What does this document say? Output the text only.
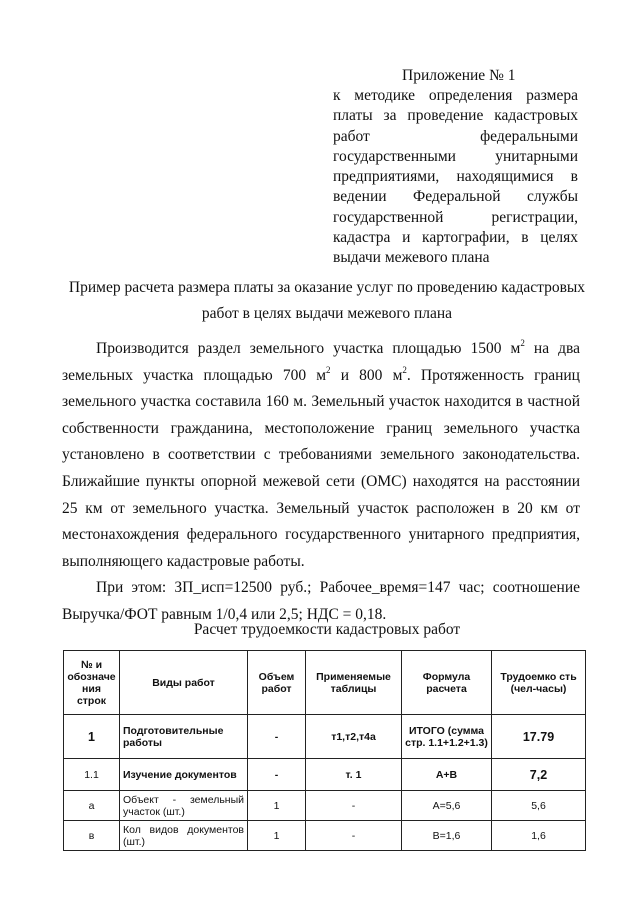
Приложение № 1
к методике определения размера
платы за проведение кадастровых
работ федеральными
государственными унитарными
предприятиями, находящимися в
ведении Федеральной службы
государственной регистрации,
кадастра и картографии, в целях
выдачи межевого плана
Пример расчета размера платы за оказание услуг по проведению кадастровых
работ в целях выдачи межевого плана
Производится раздел земельного участка площадью 1500 $м^2$ на два
земельных участка площадью 700 $м^2$ и 800 $м^2$. Протяженность границ
земельного участка составила 160 м. Земельный участок находится в частной
собственности гражданина, местоположение границ земельного участка
установлено в соответствии с требованиями земельного законодательства.
Ближайшие пункты опорной межевой сети (ОМС) находятся на расстоянии
25 км от земельного участка. Земельный участок расположен в 20 км от
местонахождения федерального государственного унитарного предприятия,
выполняющего кадастровые работы.
При этом: ЗП_исп=12500 руб.; Рабочее_время=147 час; соотношение
Выручка/ФОТ равным 1/0,4 или 2,5; НДС = 0,18.
Расчет трудоемкости кадастровых работ
№ и обозначе ния строк	Виды работ	Объем работ	Применяемые таблицы	Формула расчета	Трудоемко сть (чел-часы)
1	Подготовительные работы	-	т1,т2,т4а	ИТОГО (сумма стр. 1.1+1.2+1.3)	17.79
1.1	Изучение документов	-	т. 1	А+В	7,2
а	Объект - земельный участок (шт.)	1	-	А=5,6	5,6
в	Кол видов документов (шт.)	1	-	В=1,6	1,6
